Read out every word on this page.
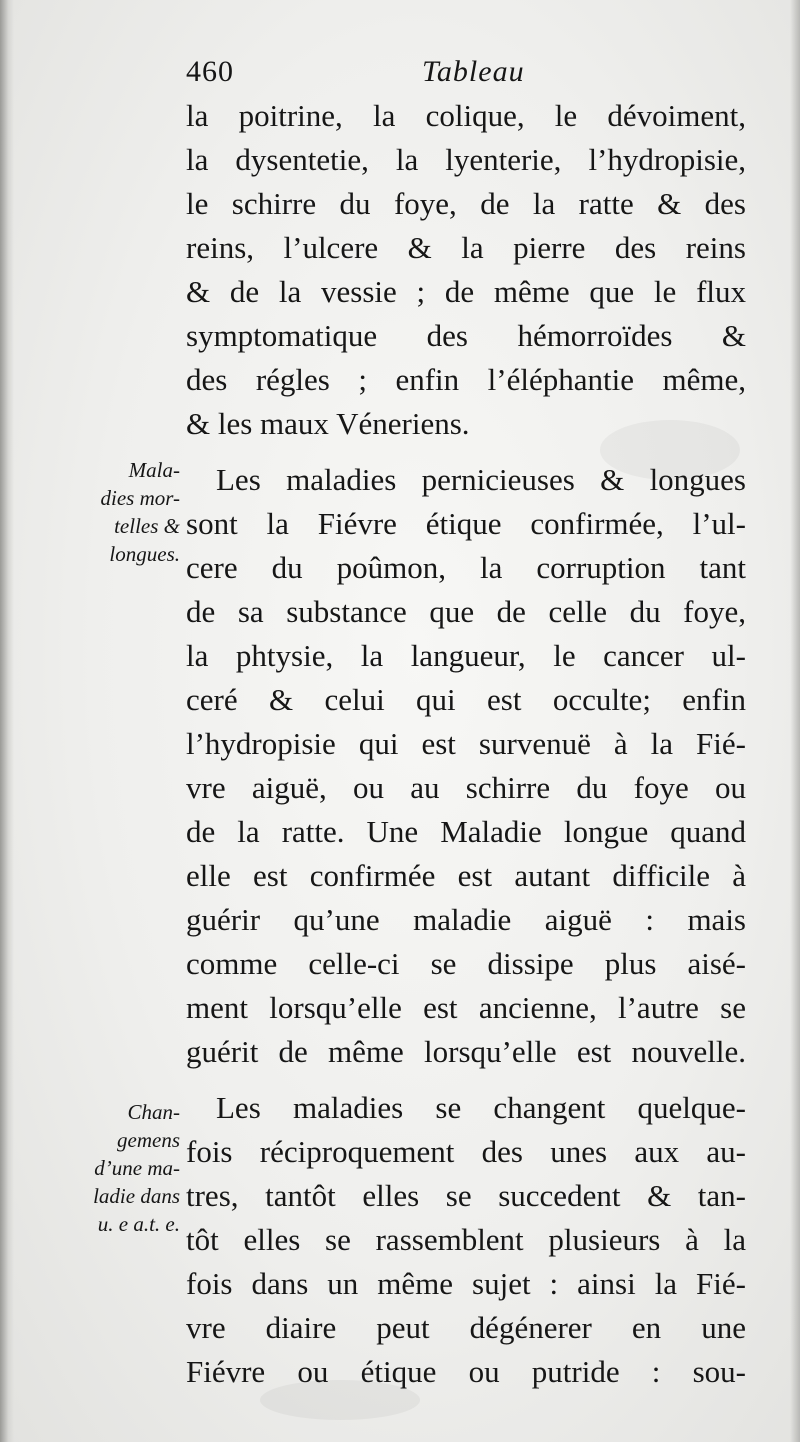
460	Tableau
Mala-
dies mor-
telles &
longues.
Chan-
gemens
d’une ma-
ladie dans
u. e a.t. e.
la poitrine, la colique, le dévoiment,
la dysentetie, la lyenterie, l’hydropisie,
le schirre du foye, de la ratte & des
reins, l’ulcere & la pierre des reins
& de la vessie ; de même que le flux
symptomatique des hémorroïdes &
des régles ; enfin l’éléphantie même,
& les maux Véneriens.
Les maladies pernicieuses & longues
sont la Fiévre étique confirmée, l’ul-
cere du poûmon, la corruption tant
de sa substance que de celle du foye,
la phtysie, la langueur, le cancer ul-
ceré & celui qui est occulte; enfin
l’hydropisie qui est survenuë à la Fié-
vre aiguë, ou au schirre du foye ou
de la ratte. Une Maladie longue quand
elle est confirmée est autant difficile à
guérir qu’une maladie aiguë : mais
comme celle-ci se dissipe plus aisé-
ment lorsqu’elle est ancienne, l’autre se
guérit de même lorsqu’elle est nouvelle.
Les maladies se changent quelque-
fois réciproquement des unes aux au-
tres, tantôt elles se succedent & tan-
tôt elles se rassemblent plusieurs à la
fois dans un même sujet : ainsi la Fié-
vre diaire peut dégénerer en une
Fiévre ou étique ou putride : sou-
